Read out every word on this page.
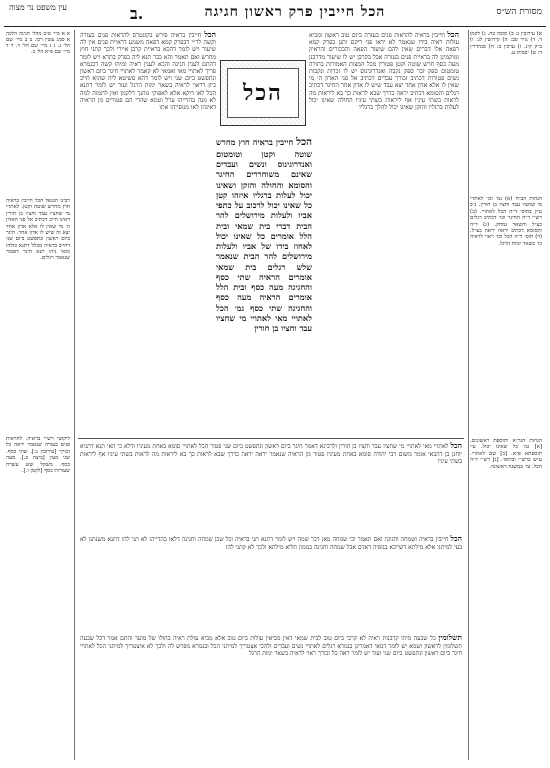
מסורת הש״ס
הכל חייבין פרק ראשון חגיגה
ב.
עין משפט נר מצוה
א) עירובין ג: ב) סוכה כח. ג) לקמן ד. ד) נזיר סב: ה) קידושין לג: ו) ב״ק קיג. ז) ערכין ב: ח) סנהדרין ד: ט) יבמות ע.
הגהות הב״ח (א) גמ׳ וכו׳ לאתויי מי שחציו עבד וחציו בן חורין. נ״ב עיין בתוס׳ ד״ה הכל לאתויי. (ב) רש״י ד״ה החיגר וכו׳ דכתיב רגלים כצ״ל והשאר נמחק. (ג) ד״ה והסומא דכתיב יראה יראה כצ״ל. (ד) תוס׳ ד״ה הכל וכו׳ ראוי לראיה כו׳ בשאר ימות הרגל.
הגהות הגר״א ותוספת ראשונים. [א] גמ׳ כל שאינו יכול. עי׳ תוספתא פ״א. [ב] שם לאתויי. ע״ש ברש״י ובתוס׳. [ג] רש״י ד״ה הכל. עי׳ במשנה ראשונה.
א א מיי׳ פ״ב מהל׳ חגיגה הלכה א סמג עשין רכו. ב ב מיי׳ שם הל׳ ג. ג ג מיי׳ שם הל׳ ד. ד ד מיי׳ שם פ״א הל׳ ב.
רבינו חננאל הכל חייבין בראיה חוץ מחרש שוטה וקטן. לאתויי מי שחציו עבד וחציו בן חורין דאינו חייב דכתיב אל פני האדון ה׳ מי שאין לו אלא אדון אחד יצא זה שיש לו אדון אחר. חיגר ביום ראשון ונתפשט ביום שני דחייב בראיה מכלל דתנא כולהו ומאי ניהו תנא חיגר דפטור שנאמר רגלים.
ליקוטי רש״י בראיה. להראות פנים בעזרה שנאמר יראה כל זכורך [עירובין ג:]. שתי כסף. שני מעין [ביצה כ.]. מעה כסף. משקל שש עשרה שעורות כסף [לקמן ו.].
הכל חייבין בראיה להראות פנים בעזרה ביום טוב ראשון ומביא עולות ראיה בידו שנאמר לא יראו פני ריקם ותנן בפרק קמא דפאה אלו דברים שאין להם שיעור הפאה והבכורים והראיון ומוקמינן לה בראיית פנים בעזרה אבל בקרבן יש לו שיעור מדרבנן מעה כסף חרש שוטה וקטן פטורין מכל המצות האמורות בתורה טומטום ספק זכר ספק נקבה ואנדרוגינוס יש לו זכרות ונקבות נשים פטורות דכתיב זכורך עבדים דכתיב אל פני האדון ה׳ מי שאין לו אלא אדון אחד יצא עבד שיש לו אדון אחר החיגר דכתיב רגלים והסומא דכתיב יראה כדרך שבא לראות כך בא ליראות מה לראות בשתי עיניו אף ליראות בשתי עיניו החולה שאינו יכול לעלות ברגליו והזקן שאינו יכול להלך ברגליו
הכל חייבין בראיה פירש בקונטרס להראות פנים בעזרה וקשה לר״י דבפרק קמא דפאה משמע דראיית פנים אין לה שיעור ויש לומר דהכא בראיית קרבן איירי ולכך קתני חוץ מחרש ואם תאמר והא כבר תנא ליה בפרק בתרא ויש לומר דהתם לענין חגיגה והכא לענין ראיה ומיהו קשה דבגמרא פריך לאתויי מאי ואמאי לא קאמר לאתויי חיגר ביום ראשון ונתפשט ביום שני ויש לומר דהא פשיטא ליה שהוא חייב כיון דראוי לראיה בשאר ימות הרגל ועוד יש לומר דתנא הכל לאו דוקא אלא לאפוקי מהנך דלקמן ואין לתמוה למה לא מנה בהדייהו ערל וטמא שהרי הם פטורים מן הראיה דאינהו לאו מגופייהו אתו
הכל
הכל חייבין בראיה חוץ מחרש שוטה וקטן וטומטום ואנדרוגינוס ונשים ועבדים שאינם משוחררים החיגר והסומא והחולה והזקן ושאינו יכול לעלות ברגליו איזהו קטן כל שאינו יכול לרכוב על כתפי אביו ולעלות מירושלים להר הבית דברי בית שמאי ובית הלל אומרים כל שאינו יכול לאחוז בידו של אביו ולעלות מירושלים להר הבית שנאמר שלש רגלים בית שמאי אומרים הראיה שתי כסף והחגיגה מעה כסף ובית הלל אומרים הראיה מעה כסף והחגיגה שתי כסף גמ׳ הכל לאתויי מאי לאתויי מי שחציו עבד וחציו בן חורין
הכל לאתויי מאי לאתויי מי שחציו עבד וחציו בן חורין ולרבינא דאמר חיגר ביום ראשון ונתפשט ביום שני פטור הכל לאתויי סומא באחת מעיניו ודלא כי האי תנא דתניא יוחנן בן דהבאי אומר משום רבי יהודה סומא באחת מעיניו פטור מן הראיה שנאמר יראה יראה כדרך שבא לראות כך בא ליראות מה לראות בשתי עיניו אף ליראות בשתי עיניו
הכל חייבין בראיה ושמחה וחגיגה ואם תאמר וכי שמחה מאן דכר שמה ויש לומר דתנא תני בראיה וכל שכן שמחה וחגיגה דלאו בהדייהו לא תני להו דתנא משנתנו לא בעי למיתני אלא מילתא דשייכא בגופיה דאדם אבל שמחה וחגיגה בממון תליא מילתא ולכך לא קתני להו
תשלומין כל שבעה מיהו קרבנות ראיה לא קרבי ביום טוב לבית שמאי דאין מביאין עולות ביום טוב אלא מביא עולת ראיה בחולו של מועד והתם אמר דכל שבעה תשלומין לראשון ושמא יש לומר דמאי דאמרינן בגמרא רגלים לאתויי נשים ועבדים ולהכי אצטריך למיתני הכל ובגמרא מפרש לה ולכך לא איצטריך למיתני הכל לאתויי חיגר ביום ראשון ונתפשט ביום שני ועוד יש לומר ראה כל זכורך ראוי לראיה בשאר ימות הרגל
